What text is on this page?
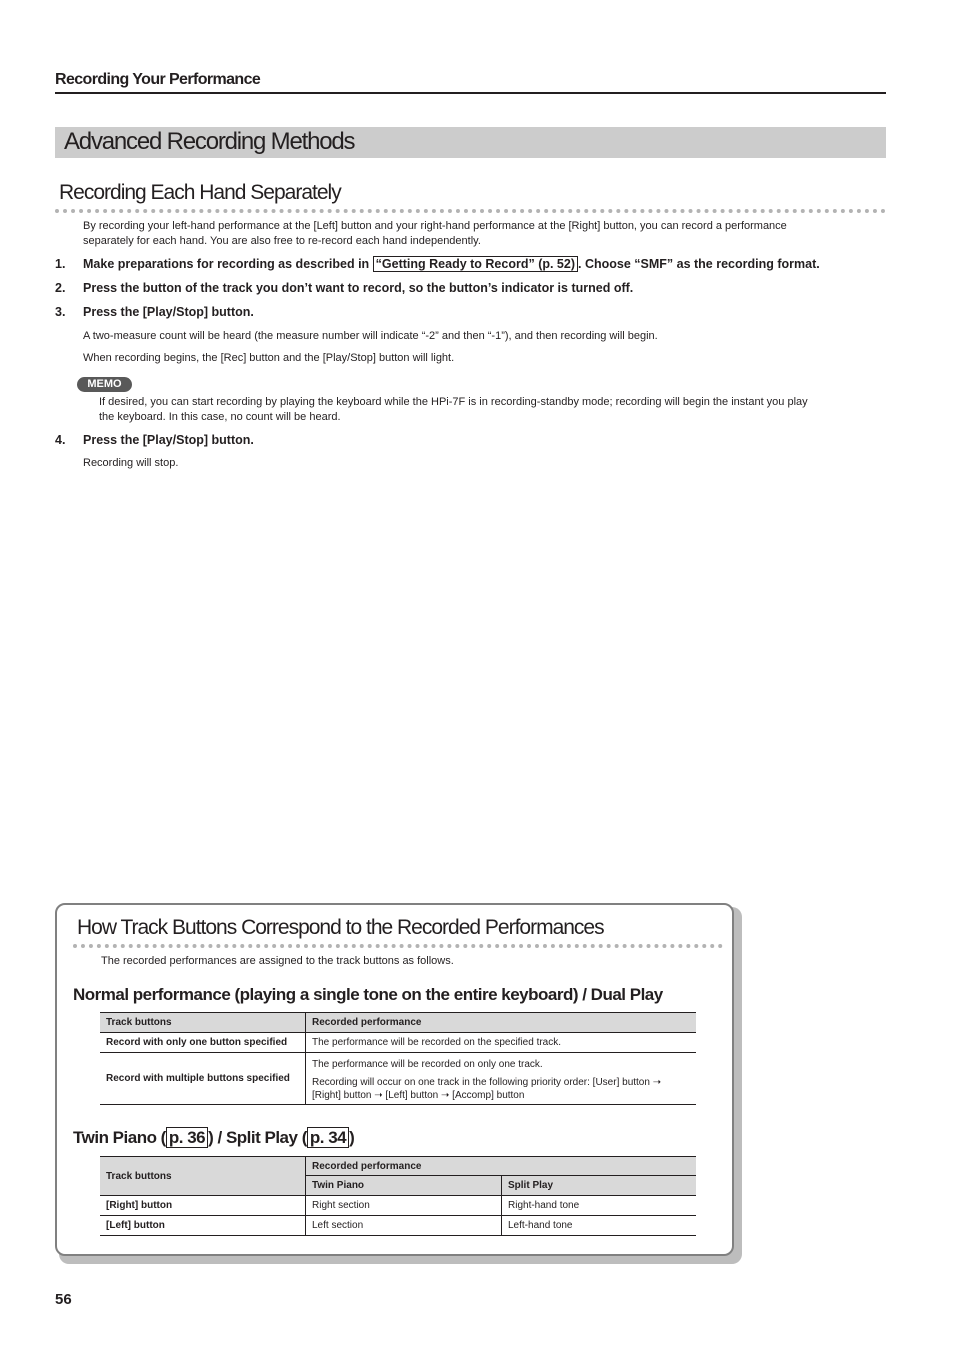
Recording Your Performance
Advanced Recording Methods
Recording Each Hand Separately
By recording your left-hand performance at the [Left] button and your right-hand performance at the [Right] button, you can record a performance
separately for each hand. You are also free to re-record each hand independently.
1. Make preparations for recording as described in “Getting Ready to Record” (p. 52) . Choose “SMF” as the recording format.
2. Press the button of the track you don’t want to record, so the button’s indicator is turned off.
3. Press the [Play/Stop] button.
A two-measure count will be heard (the measure number will indicate “-2” and then “-1”), and then recording will begin.
When recording begins, the [Rec] button and the [Play/Stop] button will light.
MEMO
If desired, you can start recording by playing the keyboard while the HPi-7F is in recording-standby mode; recording will begin the instant you play
the keyboard. In this case, no count will be heard.
4. Press the [Play/Stop] button.
Recording will stop.
How Track Buttons Correspond to the Recorded Performances
The recorded performances are assigned to the track buttons as follows.
Normal performance (playing a single tone on the entire keyboard) / Dual Play
Track buttons	Recorded performance
Record with only one button specified	The performance will be recorded on the specified track.
Record with multiple buttons specified	The performance will be recorded on only one track.

Recording will occur on one track in the following priority order: [User] button ➝

[Right] button ➝ [Left] button ➝ [Accomp] button

Twin Piano ( p. 36 ) / Split Play ( p. 34 )
Track buttons	Recorded performance	
	Twin Piano	Split Play
[Right] button	Right section	Right-hand tone
[Left] button	Left section	Left-hand tone
56
